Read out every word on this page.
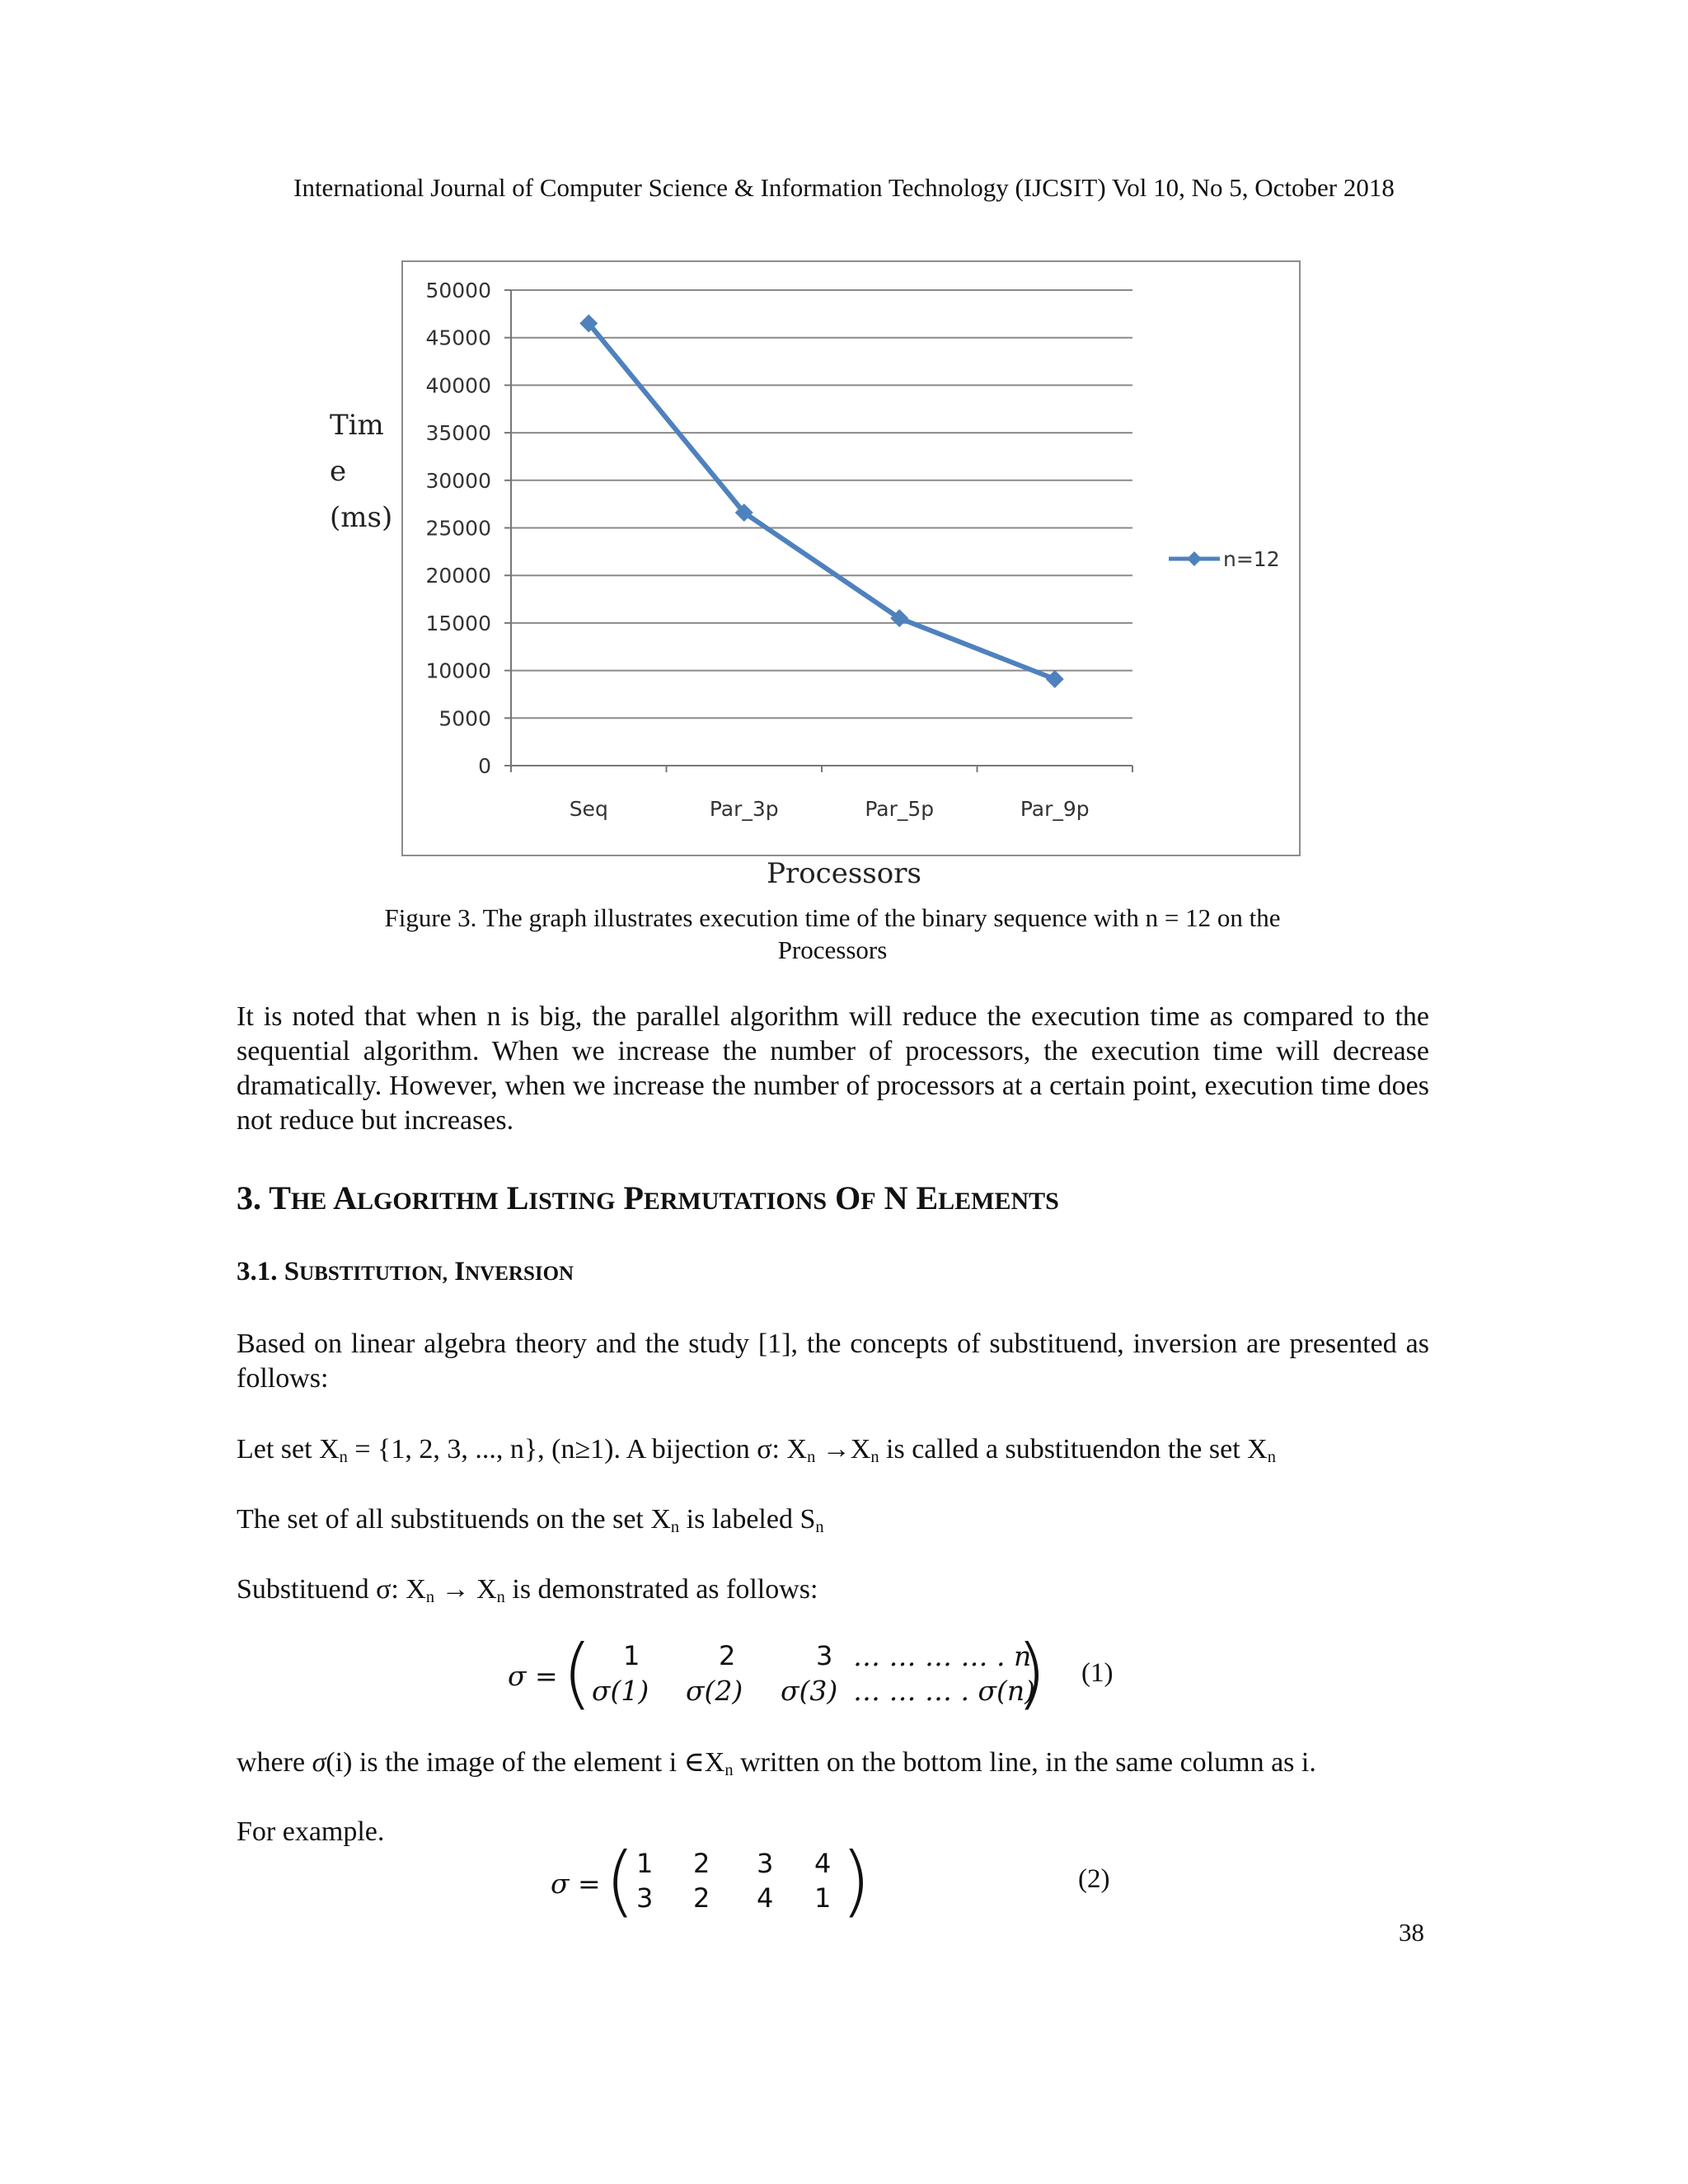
International Journal of Computer Science & Information Technology (IJCSIT) Vol 10, No 5, October 2018
0
5000
10000
15000
20000
25000
30000
35000
40000
45000
50000
Seq	Par_3p	Par_5p	Par_9p
Tim
e
(ms)
Processors
n=12
Figure 3. The graph illustrates execution time of the binary sequence with n = 12 on the
Processors
It is noted that when n is big, the parallel algorithm will reduce the execution time as compared to the sequential algorithm. When we increase the number of processors, the execution time will decrease dramatically. However, when we increase the number of processors at a certain point, execution time does not reduce but increases.
3. THE ALGORITHM LISTING PERMUTATIONS OF N ELEMENTS
3.1. SUBSTITUTION, INVERSION
Based on linear algebra theory and the study [1], the concepts of substituend, inversion are presented as follows:
Let set $X_n = \{1$, 2, 3, ..., n}, (n≥1). A bijection σ: $X_n \to X_n$ is called a substituendon the set $X_n$
The set of all substituends on the set $X_n$ is labeled $S_n$
Substituend σ: $X_n \to X_n$ is demonstrated as follows:
σ = ( 1	2	3 … … … … . n
σ(1) σ(2) σ(3) … … … . σ(n)
) (1)
where σ(i) is the image of the element i $\in X_n$ written on the bottom line, in the same column as i.
For example.
σ = ( 1 2 3 4
3 2 4 1 )	(2)
38
